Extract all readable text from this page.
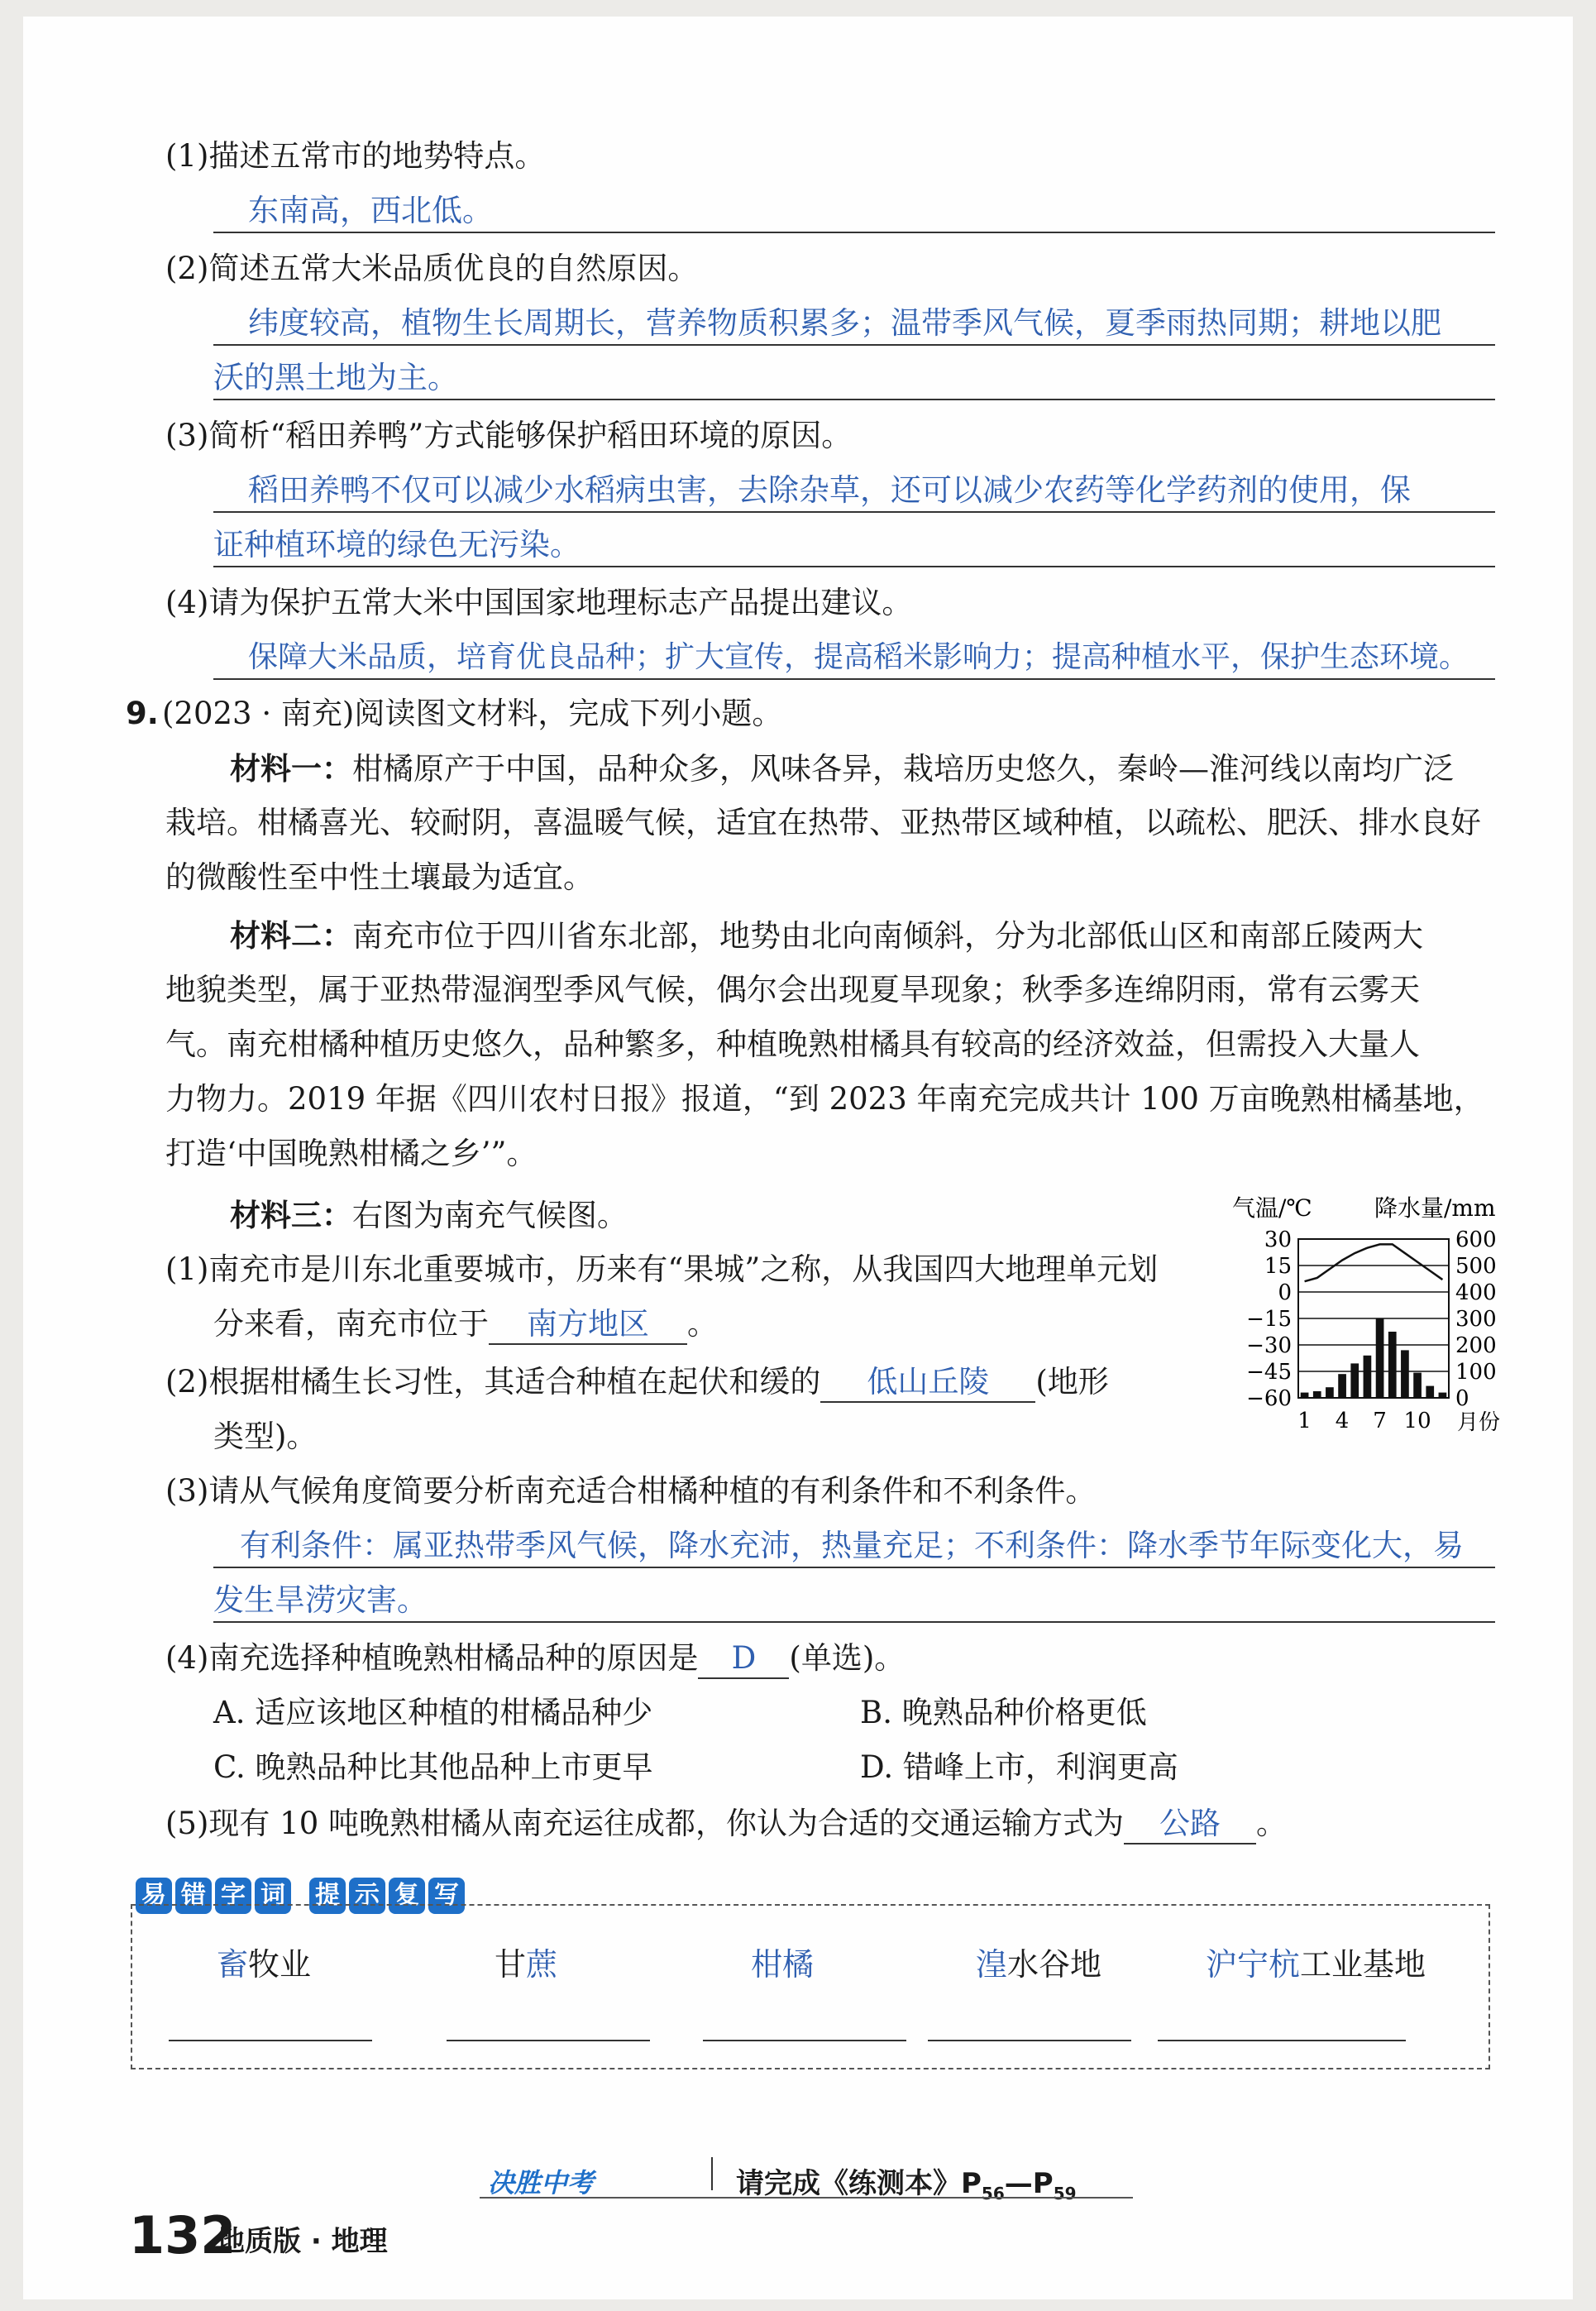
(1)描述五常市的地势特点。
东南高，西北低。
(2)简述五常大米品质优良的自然原因。
纬度较高，植物生长周期长，营养物质积累多；温带季风气候，夏季雨热同期；耕地以肥
沃的黑土地为主。
(3)简析“稻田养鸭”方式能够保护稻田环境的原因。
稻田养鸭不仅可以减少水稻病虫害，去除杂草，还可以减少农药等化学药剂的使用，保
证种植环境的绿色无污染。
(4)请为保护五常大米中国国家地理标志产品提出建议。
保障大米品质，培育优良品种；扩大宣传，提高稻米影响力；提高种植水平，保护生态环境。
9. (2023 · 南充)阅读图文材料，完成下列小题。
材料一：柑橘原产于中国，品种众多，风味各异，栽培历史悠久，秦岭—淮河线以南均广泛
栽培。柑橘喜光、较耐阴，喜温暖气候，适宜在热带、亚热带区域种植，以疏松、肥沃、排水良好
的微酸性至中性土壤最为适宜。
材料二：南充市位于四川省东北部，地势由北向南倾斜，分为北部低山区和南部丘陵两大
地貌类型，属于亚热带湿润型季风气候，偶尔会出现夏旱现象；秋季多连绵阴雨，常有云雾天
气。南充柑橘种植历史悠久，品种繁多，种植晚熟柑橘具有较高的经济效益，但需投入大量人
力物力。2019 年据《四川农村日报》报道，“到 2023 年南充完成共计 100 万亩晚熟柑橘基地，
打造‘中国晚熟柑橘之乡’”。
材料三：右图为南充气候图。
(1)南充市是川东北重要城市，历来有“果城”之称，从我国四大地理单元划
分来看，南充市位于 南方地区 。
(2)根据柑橘生长习性，其适合种植在起伏和缓的 低山丘陵 (地形
类型)。
(3)请从气候角度简要分析南充适合柑橘种植的有利条件和不利条件。
有利条件：属亚热带季风气候，降水充沛，热量充足；不利条件：降水季节年际变化大，易
发生旱涝灾害。
(4)南充选择种植晚熟柑橘品种的原因是 D (单选)。
A. 适应该地区种植的柑橘品种少	B. 晚熟品种价格更低
C. 晚熟品种比其他品种上市更早	D. 错峰上市，利润更高
(5)现有 10 吨晚熟柑橘从南充运往成都，你认为合适的交通运输方式为 公路 。
30	600
15	500
0	400
−15	300
−30	200
−45	100
−60	0
气温/℃	降水量/mm
1 4 7 10 月份
易 错 字 词 提 示 复 写
畜牧业	甘蔗	柑橘	湟水谷地	沪宁杭工业基地
决胜中考	请完成《练测本》$P_{56}—P_{59}$
132
地质版 · 地理
